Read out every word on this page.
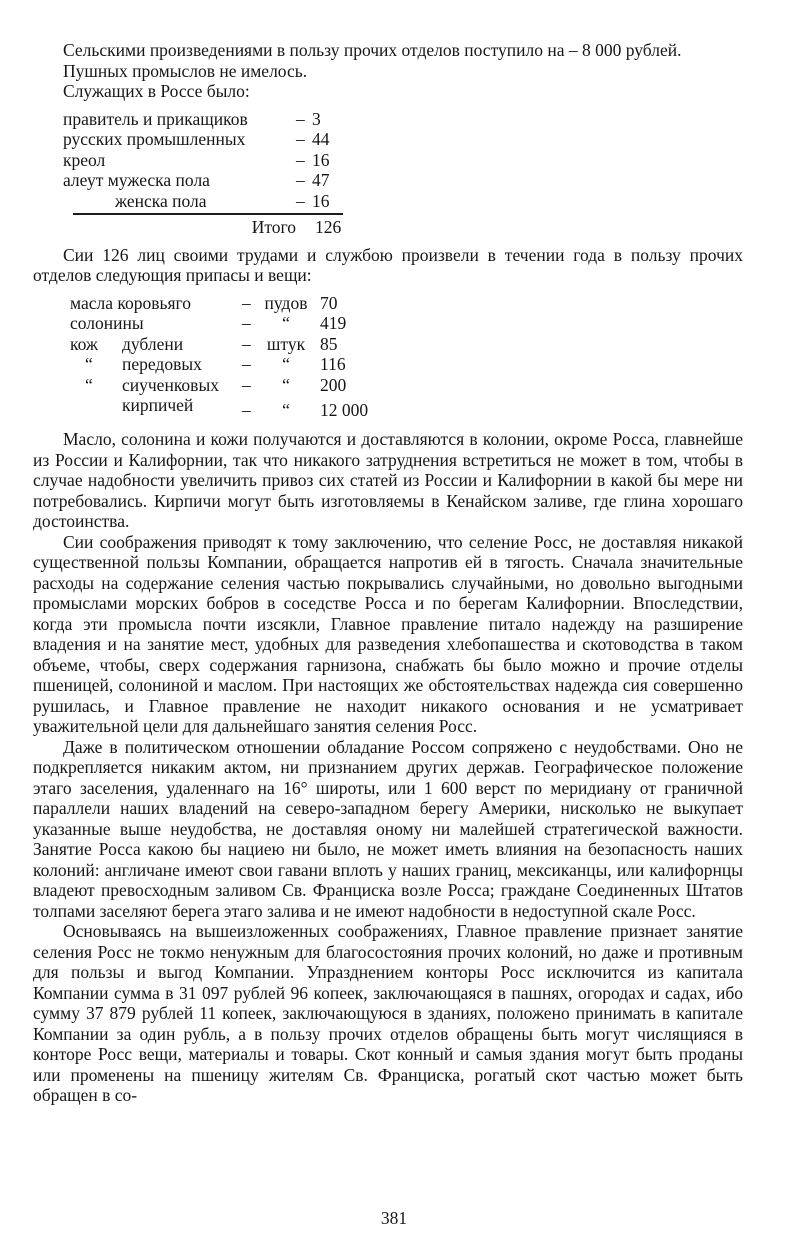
Сельскими произведениями в пользу прочих отделов поступило на – 8 000 рублей.

Пушных промыслов не имелось.

Служащих в Россе было:

правитель и прикащиков	– 3
русских промышленных	– 44
креол	– 16
алеут мужеска пола	– 47
женска пола	– 16
Итого	126

Сии 126 лиц своими трудами и службою произвели в течении года в пользу прочих отделов следующия припасы и вещи:

масла коровьяго	– пудов 70
солонины	–	“	419
кож	дублени	– штук 85
“	передовых –	“	116
“	сиученковых –	“	200
кирпичей	–	“	12 000

Масло, солонина и кожи получаются и доставляются в колонии, окроме Росса, главнейше из России и Калифорнии, так что никакого затруднения встретиться не может в том, чтобы в случае надобности увеличить привоз сих статей из России и Калифорнии в какой бы мере ни потребовались. Кирпичи могут быть изготовляемы в Кенайском заливе, где глина хорошаго достоинства.

Сии соображения приводят к тому заключению, что селение Росс, не доставляя никакой существенной пользы Компании, обращается напротив ей в тягость. Сначала значительные расходы на содержание селения частью покрывались случайными, но довольно выгодными промыслами морских бобров в соседстве Росса и по берегам Калифорнии. Впоследствии, когда эти промысла почти изсякли, Главное правление питало надежду на разширение владения и на занятие мест, удобных для разведения хлебопашества и скотоводства в таком объеме, чтобы, сверх содержания гарнизона, снабжать бы было можно и прочие отделы пшеницей, солониной и маслом. При настоящих же обстоятельствах надежда сия совершенно рушилась, и Главное правление не находит никакого основания и не усматривает уважительной цели для дальнейшаго занятия селения Росс.

Даже в политическом отношении обладание Россом сопряжено с неудобствами. Оно не подкрепляется никаким актом, ни признанием других держав. Географическое положение этаго заселения, удаленнаго на 16° широты, или 1 600 верст по меридиану от граничной параллели наших владений на северо-западном берегу Америки, нисколько не выкупает указанные выше неудобства, не доставляя оному ни малейшей стратегической важности. Занятие Росса какою бы нациею ни было, не может иметь влияния на безопасность наших колоний: англичане имеют свои гавани вплоть у наших границ, мексиканцы, или калифорнцы владеют превосходным заливом Св. Франциска возле Росса; граждане Соединенных Штатов толпами заселяют берега этаго залива и не имеют надобности в недоступной скале Росс.

Основываясь на вышеизложенных соображениях, Главное правление признает занятие селения Росс не токмо ненужным для благосостояния прочих колоний, но даже и противным для пользы и выгод Компании. Упразднением конторы Росс исключится из капитала Компании сумма в 31 097 рублей 96 копеек, заключающаяся в пашнях, огородах и садах, ибо сумму 37 879 рублей 11 копеек, заключающуюся в зданиях, положено принимать в капитале Компании за один рубль, а в пользу прочих отделов обращены быть могут числящияся в конторе Росс вещи, материалы и товары. Скот конный и самыя здания могут быть проданы или променены на пшеницу жителям Св. Франциска, рогатый скот частью может быть обращен в со-

381
